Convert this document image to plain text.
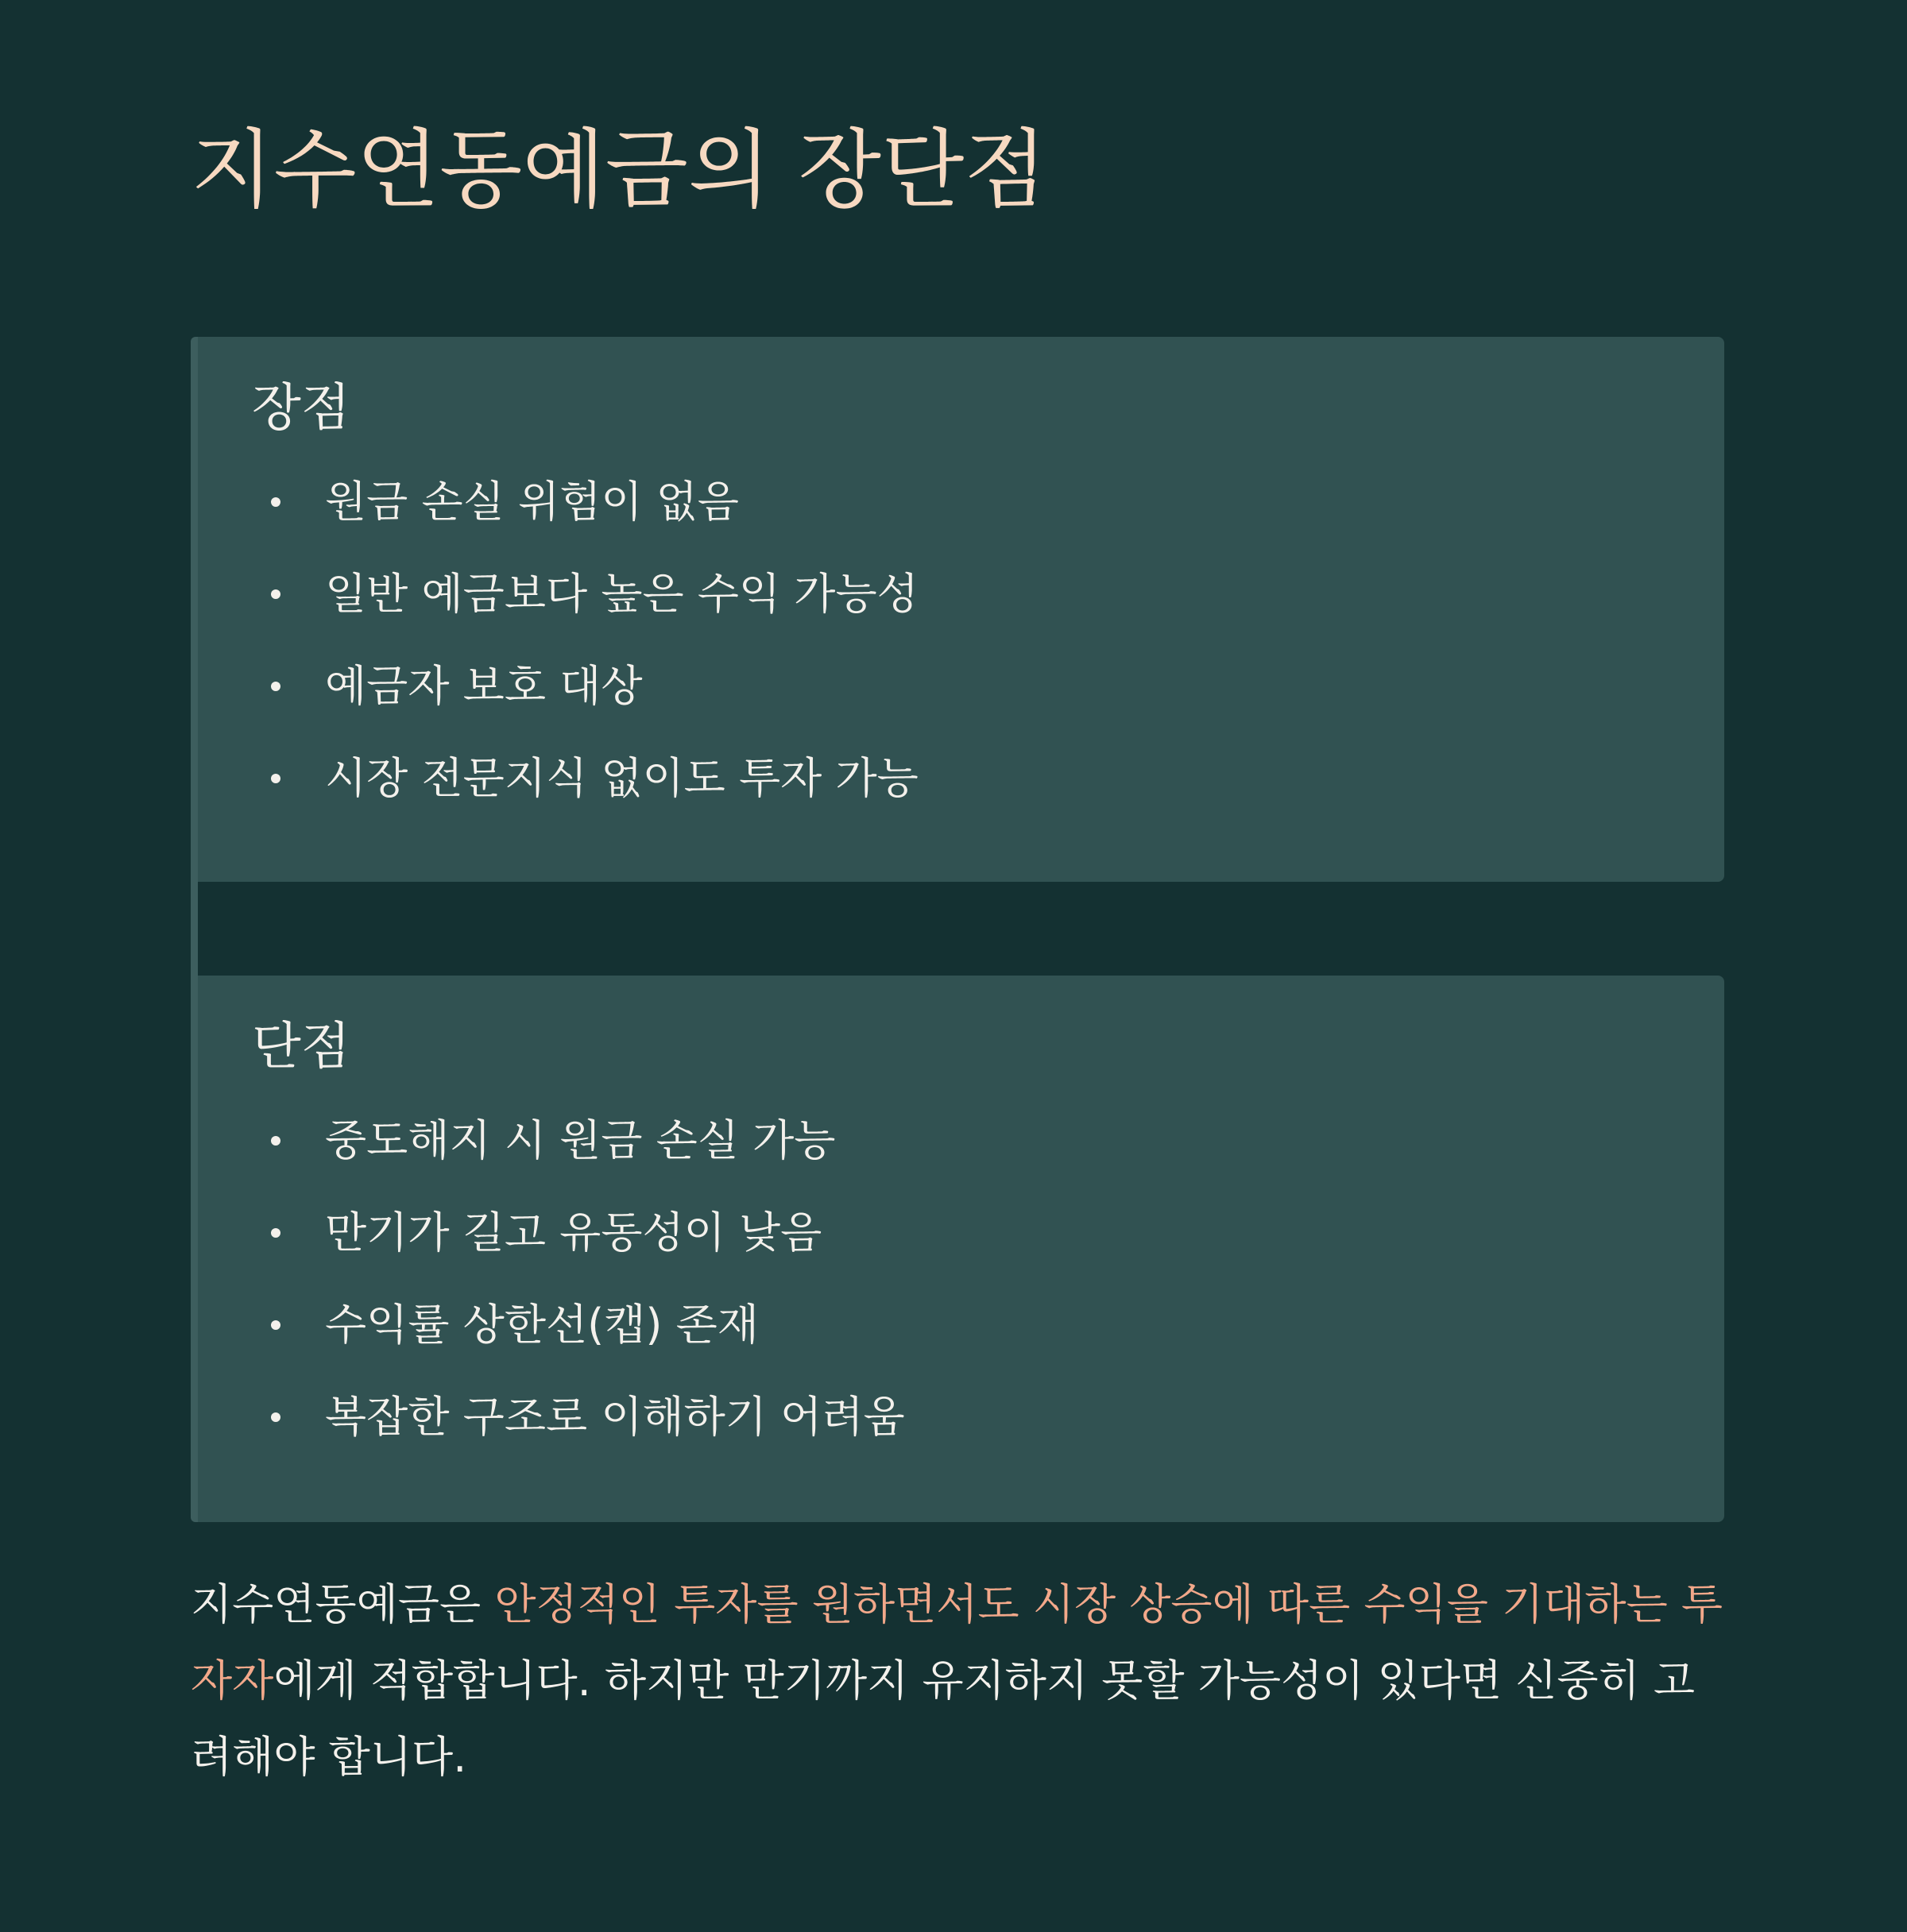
지수연동예금의 장단점
장점
원금 손실 위험이 없음
일반 예금보다 높은 수익 가능성
예금자 보호 대상
시장 전문지식 없이도 투자 가능
단점
중도해지 시 원금 손실 가능
만기가 길고 유동성이 낮음
수익률 상한선(캡) 존재
복잡한 구조로 이해하기 어려움

지수연동예금은 안정적인 투자를 원하면서도 시장 상승에 따른 수익을 기대하는 투자자에게 적합합니다. 하지만 만기까지 유지하지 못할 가능성이 있다면 신중히 고려해야 합니다.
